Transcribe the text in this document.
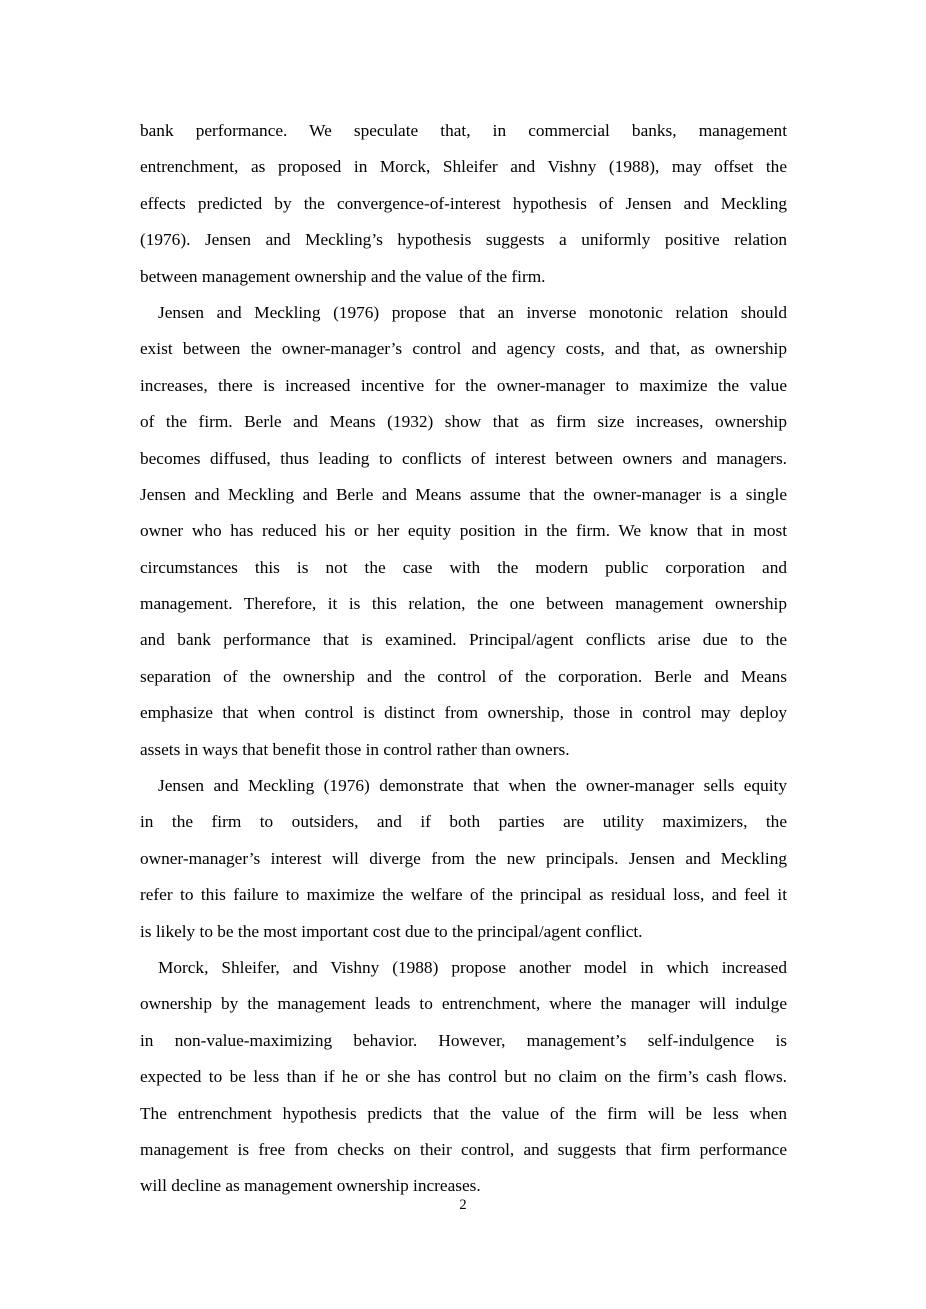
bank performance. We speculate that, in commercial banks, management
entrenchment, as proposed in Morck, Shleifer and Vishny (1988), may offset the
effects predicted by the convergence-of-interest hypothesis of Jensen and Meckling
(1976). Jensen and Meckling’s hypothesis suggests a uniformly positive relation
between management ownership and the value of the firm.
Jensen and Meckling (1976) propose that an inverse monotonic relation should
exist between the owner-manager’s control and agency costs, and that, as ownership
increases, there is increased incentive for the owner-manager to maximize the value
of the firm. Berle and Means (1932) show that as firm size increases, ownership
becomes diffused, thus leading to conflicts of interest between owners and managers.
Jensen and Meckling and Berle and Means assume that the owner-manager is a single
owner who has reduced his or her equity position in the firm. We know that in most
circumstances this is not the case with the modern public corporation and
management. Therefore, it is this relation, the one between management ownership
and bank performance that is examined. Principal/agent conflicts arise due to the
separation of the ownership and the control of the corporation. Berle and Means
emphasize that when control is distinct from ownership, those in control may deploy
assets in ways that benefit those in control rather than owners.
Jensen and Meckling (1976) demonstrate that when the owner-manager sells equity
in the firm to outsiders, and if both parties are utility maximizers, the
owner-manager’s interest will diverge from the new principals. Jensen and Meckling
refer to this failure to maximize the welfare of the principal as residual loss, and feel it
is likely to be the most important cost due to the principal/agent conflict.
Morck, Shleifer, and Vishny (1988) propose another model in which increased
ownership by the management leads to entrenchment, where the manager will indulge
in non-value-maximizing behavior. However, management’s self-indulgence is
expected to be less than if he or she has control but no claim on the firm’s cash flows.
The entrenchment hypothesis predicts that the value of the firm will be less when
management is free from checks on their control, and suggests that firm performance
will decline as management ownership increases.
2
